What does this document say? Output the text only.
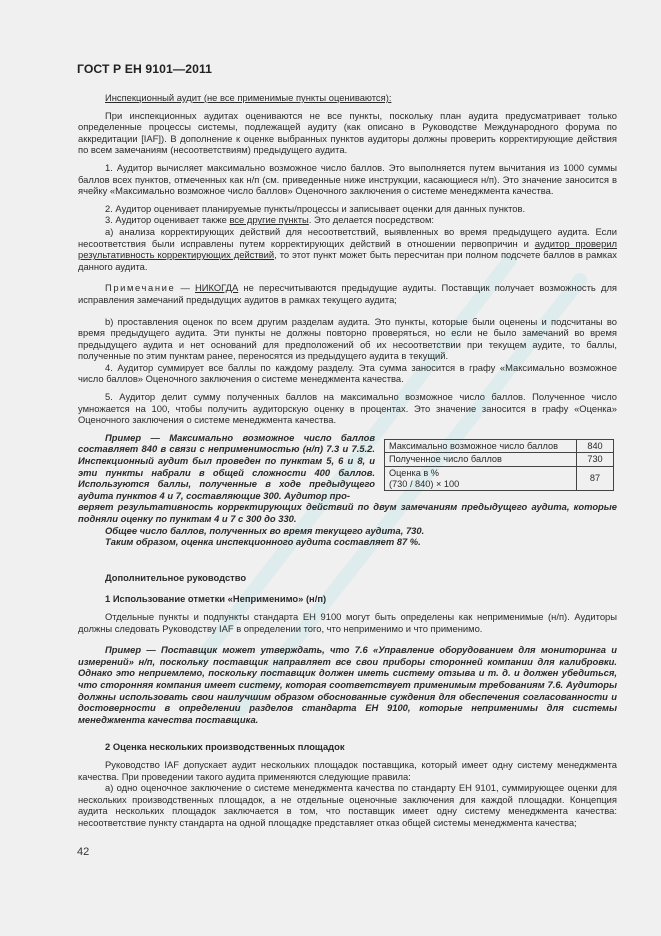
ГОСТ Р ЕН 9101—2011

Инспекционный аудит (не все применимые пункты оцениваются):

При инспекционных аудитах оцениваются не все пункты, поскольку план аудита предусматривает только определенные процессы системы, подлежащей аудиту (как описано в Руководстве Международного форума по аккредитации [IAF]). В дополнение к оценке выбранных пунктов аудиторы должны проверить корректирующие действия по всем замечаниям (несоответствиям) предыдущего аудита.

1. Аудитор вычисляет максимально возможное число баллов. Это выполняется путем вычитания из 1000 суммы баллов всех пунктов, отмеченных как н/п (см. приведенные ниже инструкции, касающиеся н/п). Это значение заносится в ячейку «Максимально возможное число баллов» Оценочного заключения о системе менеджмента качества.

2. Аудитор оценивает планируемые пункты/процессы и записывает оценки для данных пунктов.

3. Аудитор оценивает также все другие пункты. Это делается посредством:

a) анализа корректирующих действий для несоответствий, выявленных во время предыдущего аудита. Если несоответствия были исправлены путем корректирующих действий в отношении первопричин и аудитор проверил результативность корректирующих действий, то этот пункт может быть пересчитан при полном подсчете баллов в рамках данного аудита.

Примечание — НИКОГДА не пересчитываются предыдущие аудиты. Поставщик получает возможность для исправления замечаний предыдущих аудитов в рамках текущего аудита;

b) проставления оценок по всем другим разделам аудита. Это пункты, которые были оценены и подсчитаны во время предыдущего аудита. Эти пункты не должны повторно проверяться, но если не было замечаний во время предыдущего аудита и нет оснований для предположений об их несоответствии при текущем аудите, то баллы, полученные по этим пунктам ранее, переносятся из предыдущего аудита в текущий.

4. Аудитор суммирует все баллы по каждому разделу. Эта сумма заносится в графу «Максимально возможное число баллов» Оценочного заключения о системе менеджмента качества.

5. Аудитор делит сумму полученных баллов на максимально возможное число баллов. Полученное число умножается на 100, чтобы получить аудиторскую оценку в процентах. Это значение заносится в графу «Оценка» Оценочного заключения о системе менеджмента качества.

Пример — Максимально возможное число баллов составляет 840 в связи с неприменимостью (н/п) 7.3 и 7.5.2. Инспекционный аудит был проведен по пунктам 5, 6 и 8, и эти пункты набрали в общей сложности 400 баллов. Используются баллы, полученные в ходе предыдущего аудита пунктов 4 и 7, составляющие 300. Аудитор про-

веряет результативность корректирующих действий по двум замечаниям предыдущего аудита, которые подняли оценку по пунктам 4 и 7 с 300 до 330.

Общее число баллов, полученных во время текущего аудита, 730.

Таким образом, оценка инспекционного аудита составляет 87 %.

Максимально возможное число баллов	840
Полученное число баллов	730

Оценка в %
(730 / 840) × 100	87

Дополнительное руководство

1 Использование отметки «Неприменимо» (н/п)

Отдельные пункты и подпункты стандарта ЕН 9100 могут быть определены как неприменимые (н/п). Аудиторы должны следовать Руководству IAF в определении того, что неприменимо и что применимо.

Пример — Поставщик может утверждать, что 7.6 «Управление оборудованием для мониторинга и измерений» н/п, поскольку поставщик направляет все свои приборы сторонней компании для калибровки. Однако это неприемлемо, поскольку поставщик должен иметь систему отзыва и т. д. и должен убедиться, что сторонняя компания имеет систему, которая соответствует применимым требованиям 7.6. Аудиторы должны использовать свои наилучшим образом обоснованные суждения для обеспечения согласованности и достоверности в определении разделов стандарта ЕН 9100, которые неприменимы для системы менеджмента качества поставщика.

2 Оценка нескольких производственных площадок

Руководство IAF допускает аудит нескольких площадок поставщика, который имеет одну систему менеджмента качества. При проведении такого аудита применяются следующие правила:

a) одно оценочное заключение о системе менеджмента качества по стандарту ЕН 9101, суммирующее оценки для нескольких производственных площадок, а не отдельные оценочные заключения для каждой площадки. Концепция аудита нескольких площадок заключается в том, что поставщик имеет одну систему менеджмента качества: несоответствие пункту стандарта на одной площадке представляет отказ общей системы менеджмента качества;

42
